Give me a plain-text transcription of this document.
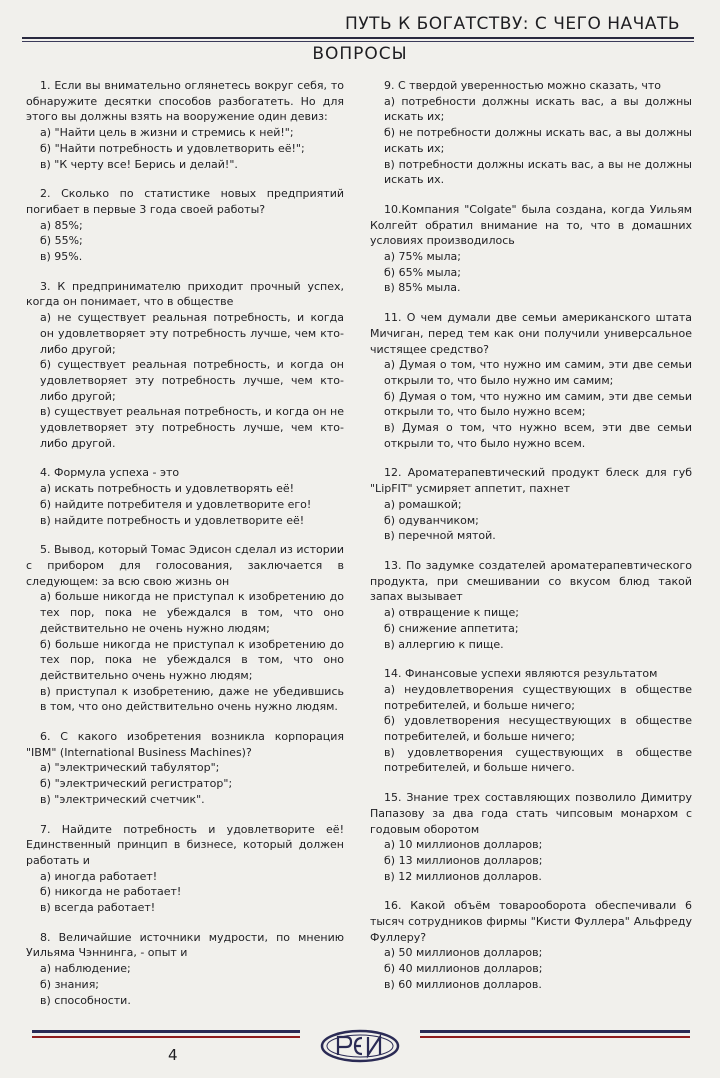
ПУТЬ К БОГАТСТВУ: С ЧЕГО НАЧАТЬ
ВОПРОСЫ

1. Если вы внимательно оглянетесь вокруг себя, то обнаружите десятки способов разбогатеть. Но для этого вы должны взять на вооружение один девиз:

а) "Найти цель в жизни и стремись к ней!";
б) "Найти потребность и удовлетворить её!";
в) "К черту все! Берись и делай!".

2. Сколько по статистике новых предприятий погибает в первые 3 года своей работы?

а) 85%;
б) 55%;
в) 95%.

3. К предпринимателю приходит прочный успех, когда он понимает, что в обществе

а) не существует реальная потребность, и когда он удовлетворяет эту потребность лучше, чем кто-либо другой;
б) существует реальная потребность, и когда он удовлетворяет эту потребность лучше, чем кто-либо другой;
в) существует реальная потребность, и когда он не удовлетворяет эту потребность лучше, чем кто-либо другой.

4. Формула успеха - это

а) искать потребность и удовлетворять её!
б) найдите потребителя и удовлетворите его!
в) найдите потребность и удовлетворите её!

5. Вывод, который Томас Эдисон сделал из истории с прибором для голосования, заключается в следующем: за всю свою жизнь он

а) больше никогда не приступал к изобретению до тех пор, пока не убеждался в том, что оно действительно не очень нужно людям;
б) больше никогда не приступал к изобретению до тех пор, пока не убеждался в том, что оно действительно очень нужно людям;
в) приступал к изобретению, даже не убедившись в том, что оно действительно очень нужно людям.

6. С какого изобретения возникла корпорация "IBM" (International Business Machines)?

а) "электрический табулятор";
б) "электрический регистратор";
в) "электрический счетчик".

7. Найдите потребность и удовлетворите её! Единственный принцип в бизнесе, который должен работать и

а) иногда работает!
б) никогда не работает!
в) всегда работает!

8. Величайшие источники мудрости, по мнению Уильяма Чэннинга, - опыт и

а) наблюдение;
б) знания;
в) способности.

9. С твердой уверенностью можно сказать, что

а) потребности должны искать вас, а вы должны искать их;
б) не потребности должны искать вас, а вы должны искать их;
в) потребности должны искать вас, а вы не должны искать их.

10.Компания "Colgate" была создана, когда Уильям Колгейт обратил внимание на то, что в домашних условиях производилось

а) 75% мыла;
б) 65% мыла;
в) 85% мыла.

11. О чем думали две семьи американского штата Мичиган, перед тем как они получили универсальное чистящее средство?

а) Думая о том, что нужно им самим, эти две семьи открыли то, что было нужно им самим;
б) Думая о том, что нужно им самим, эти две семьи открыли то, что было нужно всем;
в) Думая о том, что нужно всем, эти две семьи открыли то, что было нужно всем.

12. Ароматерапевтический продукт блеск для губ "LipFIT" усмиряет аппетит, пахнет

а) ромашкой;
б) одуванчиком;
в) перечной мятой.

13. По задумке создателей ароматерапевтического продукта, при смешивании со вкусом блюд такой запах вызывает

а) отвращение к пище;
б) снижение аппетита;
в) аллергию к пище.

14. Финансовые успехи являются результатом

а) неудовлетворения существующих в обществе потребителей, и больше ничего;
б) удовлетворения несуществующих в обществе потребителей, и больше ничего;
в) удовлетворения существующих в обществе потребителей, и больше ничего.

15. Знание трех составляющих позволило Димитру Папазову за два года стать чипсовым монархом с годовым оборотом

а) 10 миллионов долларов;
б) 13 миллионов долларов;
в) 12 миллионов долларов.

16. Какой объём товарооборота обеспечивали 6 тысяч сотрудников фирмы "Кисти Фуллера" Альфреду Фуллеру?

а) 50 миллионов долларов;
б) 40 миллионов долларов;
в) 60 миллионов долларов.
4
